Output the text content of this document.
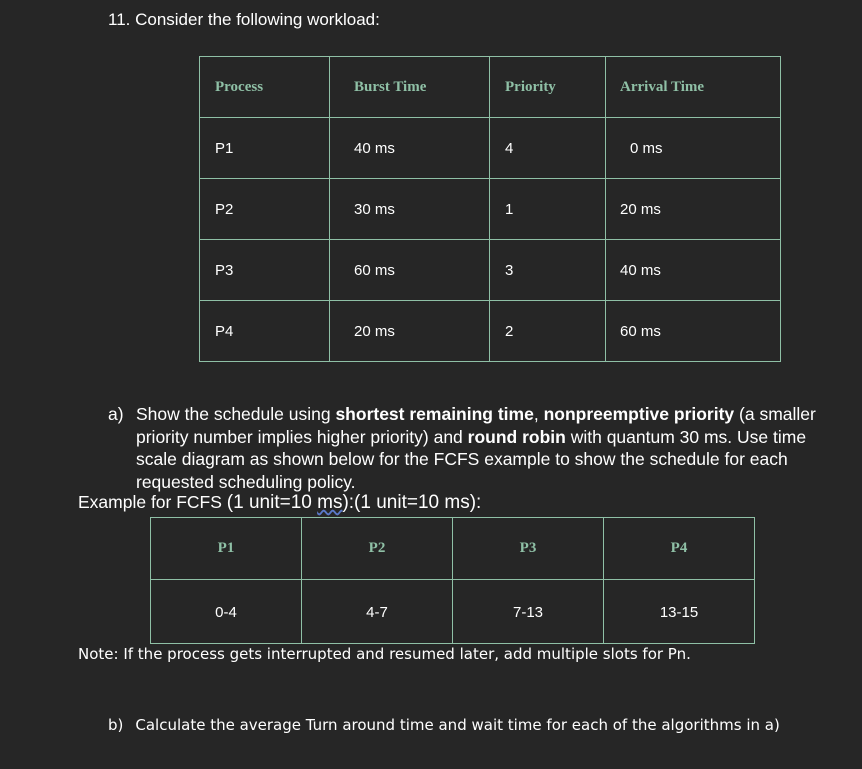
11. Consider the following workload:
Process	Burst Time	Priority	Arrival Time
P1	40 ms	4	0 ms
P2	30 ms	1	20 ms
P3	60 ms	3	40 ms
P4	20 ms	2	60 ms
a) Show the schedule using shortest remaining time, nonpreemptive priority (a smaller priority number implies higher priority) and round robin with quantum 30 ms. Use time scale diagram as shown below for the FCFS example to show the schedule for each requested scheduling policy.
Example for FCFS (1 unit=10 ms):(1 unit=10 ms):
P1	P2	P3	P4
0-4	4-7	7-13	13-15
Note: If the process gets interrupted and resumed later, add multiple slots for Pn.
b) Calculate the average Turn around time and wait time for each of the algorithms in a)
